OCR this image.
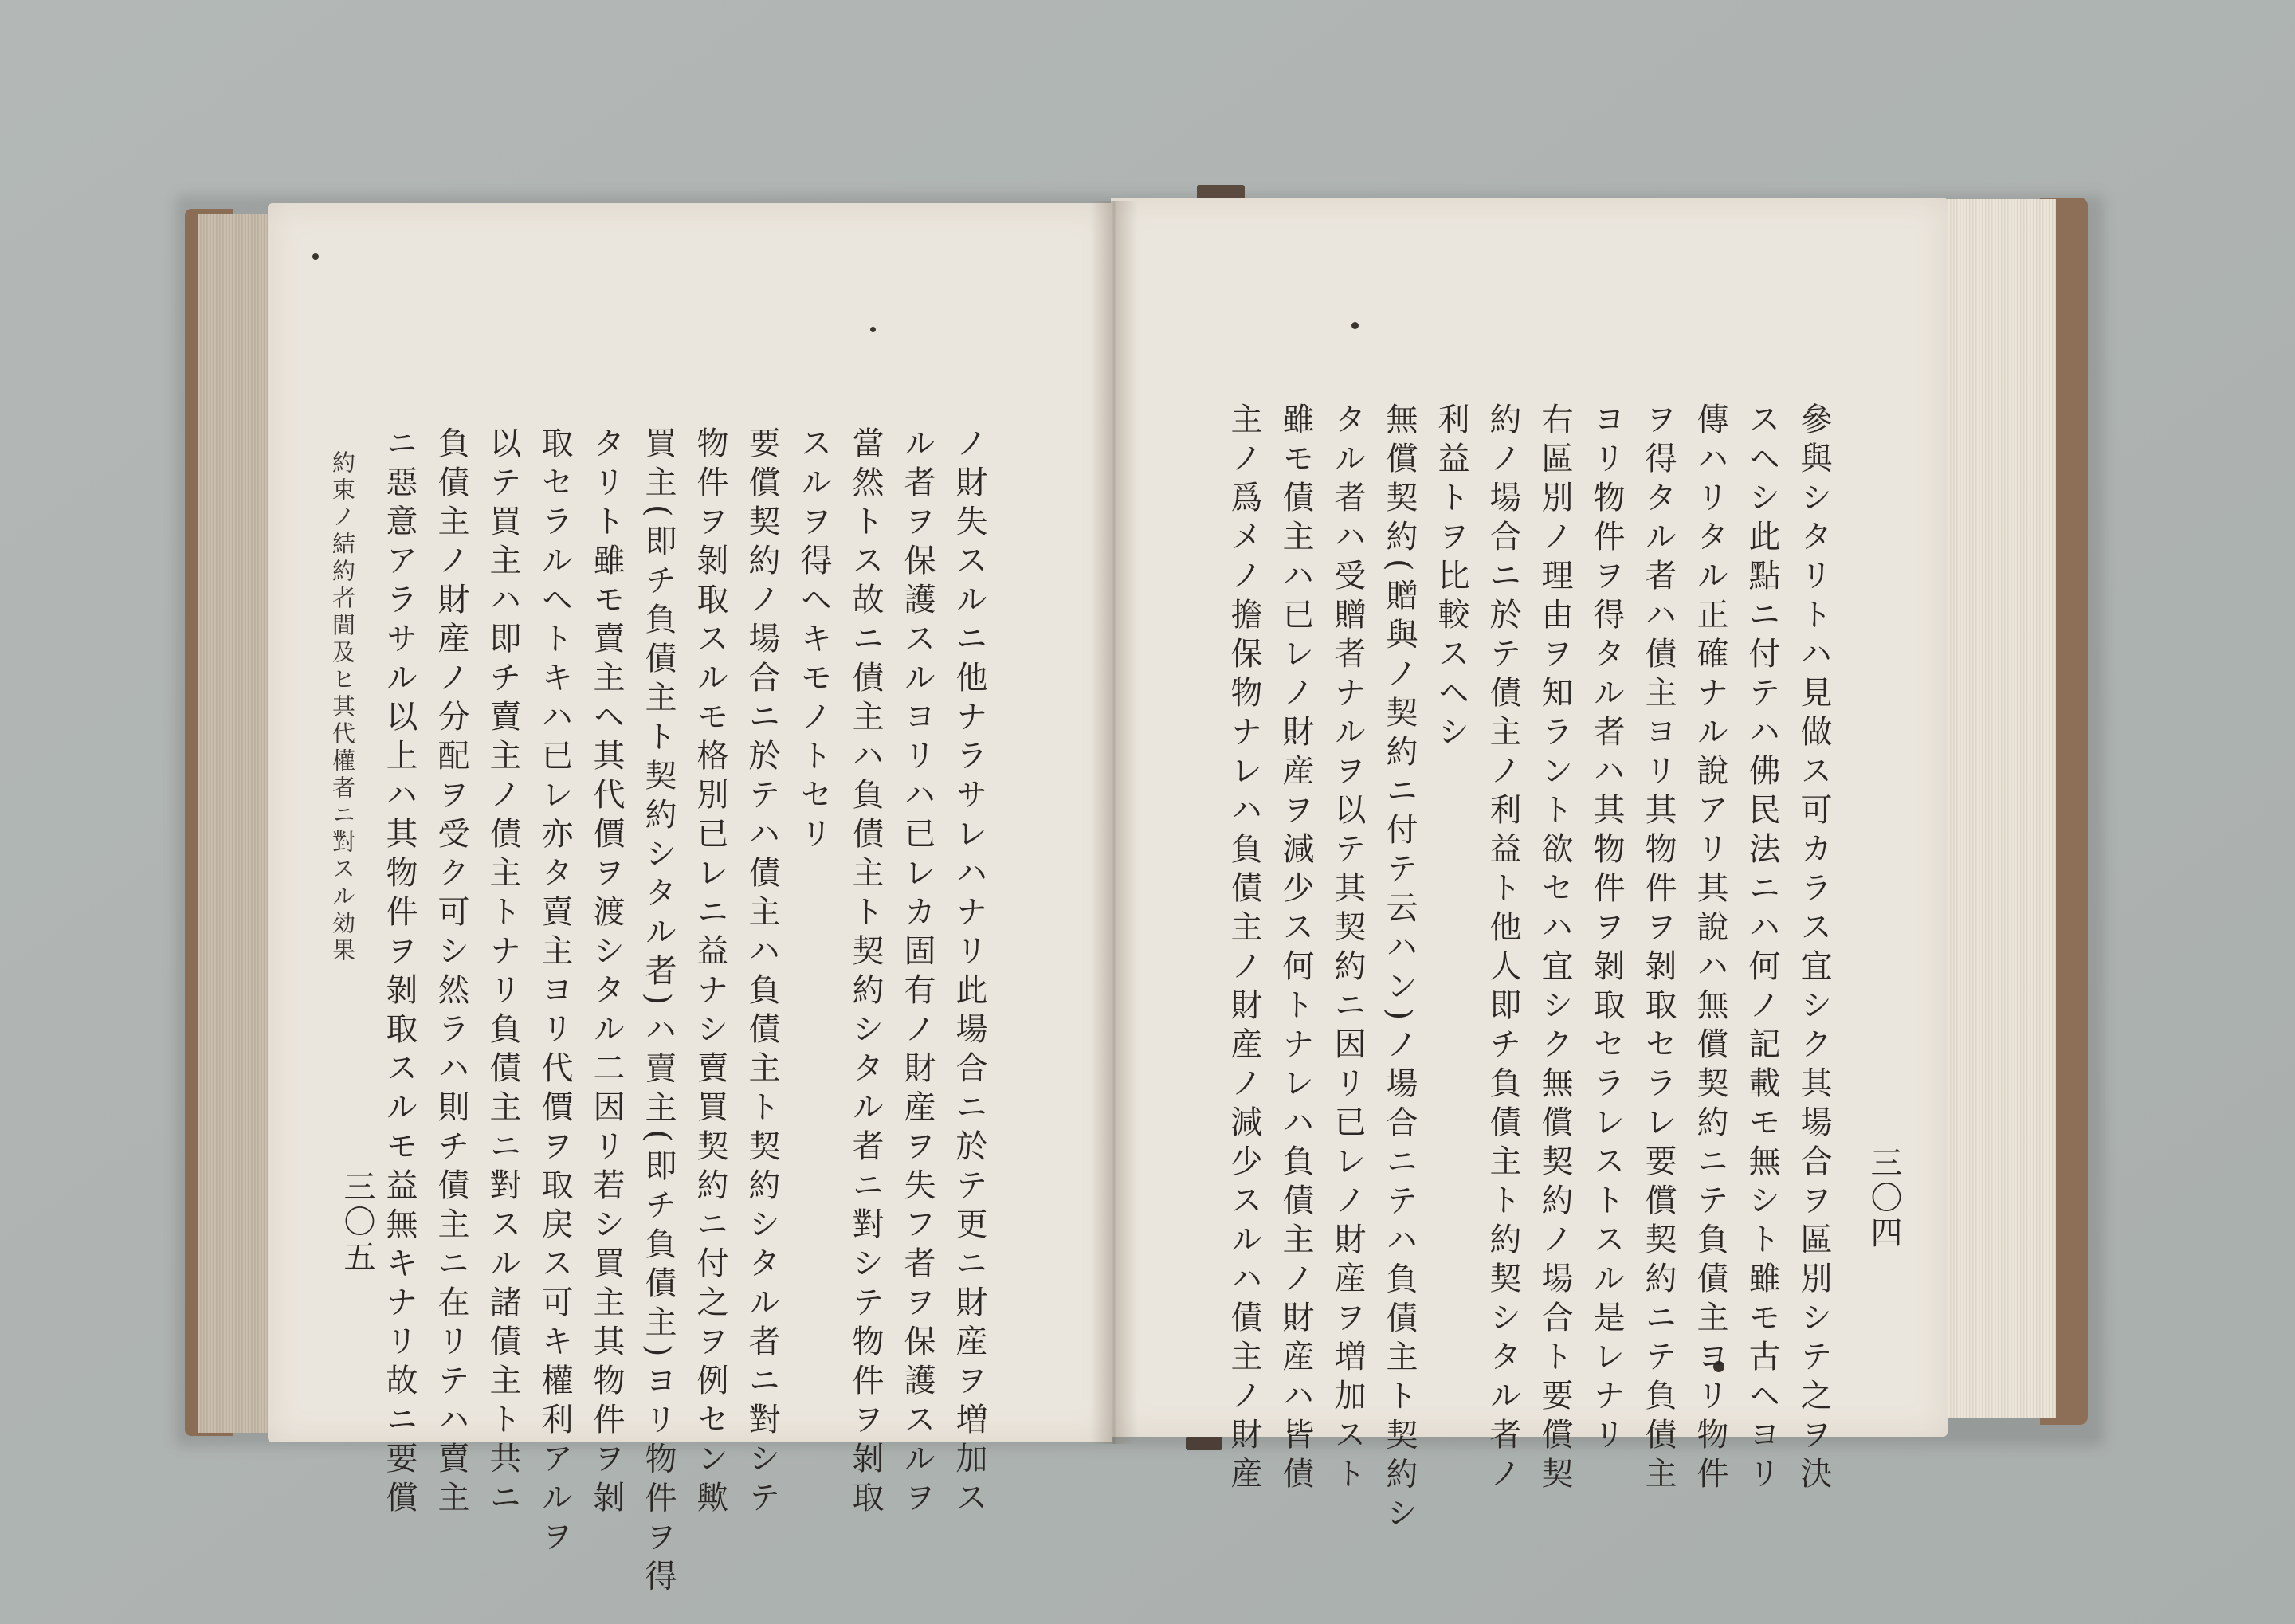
約束ノ結約者間及ヒ其代權者ニ對スル効果
三〇五	ノ財失スルニ他ナラサレハナリ此場合ニ於テ更ニ財産ヲ増加ス
ル者ヲ保護スルヨリハ已レカ固有ノ財産ヲ失フ者ヲ保護スルヲ
當然トス故ニ債主ハ負債主ト契約シタル者ニ對シテ物件ヲ剝取
スルヲ得ヘキモノトセリ
要償契約ノ場合ニ於テハ債主ハ負債主ト契約シタル者ニ對シテ
物件ヲ剝取スルモ格別已レニ益ナシ賣買契約ニ付之ヲ例セン歟
買主(即チ負債主ト契約シタル者)ハ賣主(即チ負債主)ヨリ物件ヲ得
タリト雖モ賣主ヘ其代價ヲ渡シタル二因リ若シ買主其物件ヲ剝
取セラルヘトキハ已レ亦タ賣主ヨリ代價ヲ取戻ス可キ權利アルヲ
以テ買主ハ即チ賣主ノ債主トナリ負債主ニ對スル諸債主ト共ニ
負債主ノ財産ノ分配ヲ受ク可シ然ラハ則チ債主ニ在リテハ賣主
ニ惡意アラサル以上ハ其物件ヲ剝取スルモ益無キナリ故ニ要償	三〇四
參與シタリトハ見做ス可カラス宜シク其場合ヲ區別シテ之ヲ決
スヘシ此點ニ付テハ佛民法ニハ何ノ記載モ無シト雖モ古ヘヨリ
傳ハリタル正確ナル說アリ其說ハ無償契約ニテ負債主ヨリ物件
ヲ得タル者ハ債主ヨリ其物件ヲ剝取セラレ要償契約ニテ負債主
ヨリ物件ヲ得タル者ハ其物件ヲ剝取セラレストスル是レナリ
右區別ノ理由ヲ知ラント欲セハ宜シク無償契約ノ場合ト要償契
約ノ場合ニ於テ債主ノ利益ト他人即チ負債主ト約契シタル者ノ
利益トヲ比較スヘシ
無償契約(贈與ノ契約ニ付テ云ハン)ノ場合ニテハ負債主ト契約シ
タル者ハ受贈者ナルヲ以テ其契約ニ因リ已レノ財産ヲ増加スト
雖モ債主ハ已レノ財産ヲ減少ス何トナレハ負債主ノ財産ハ皆債
主ノ爲メノ擔保物ナレハ負債主ノ財産ノ減少スルハ債主ノ財産
